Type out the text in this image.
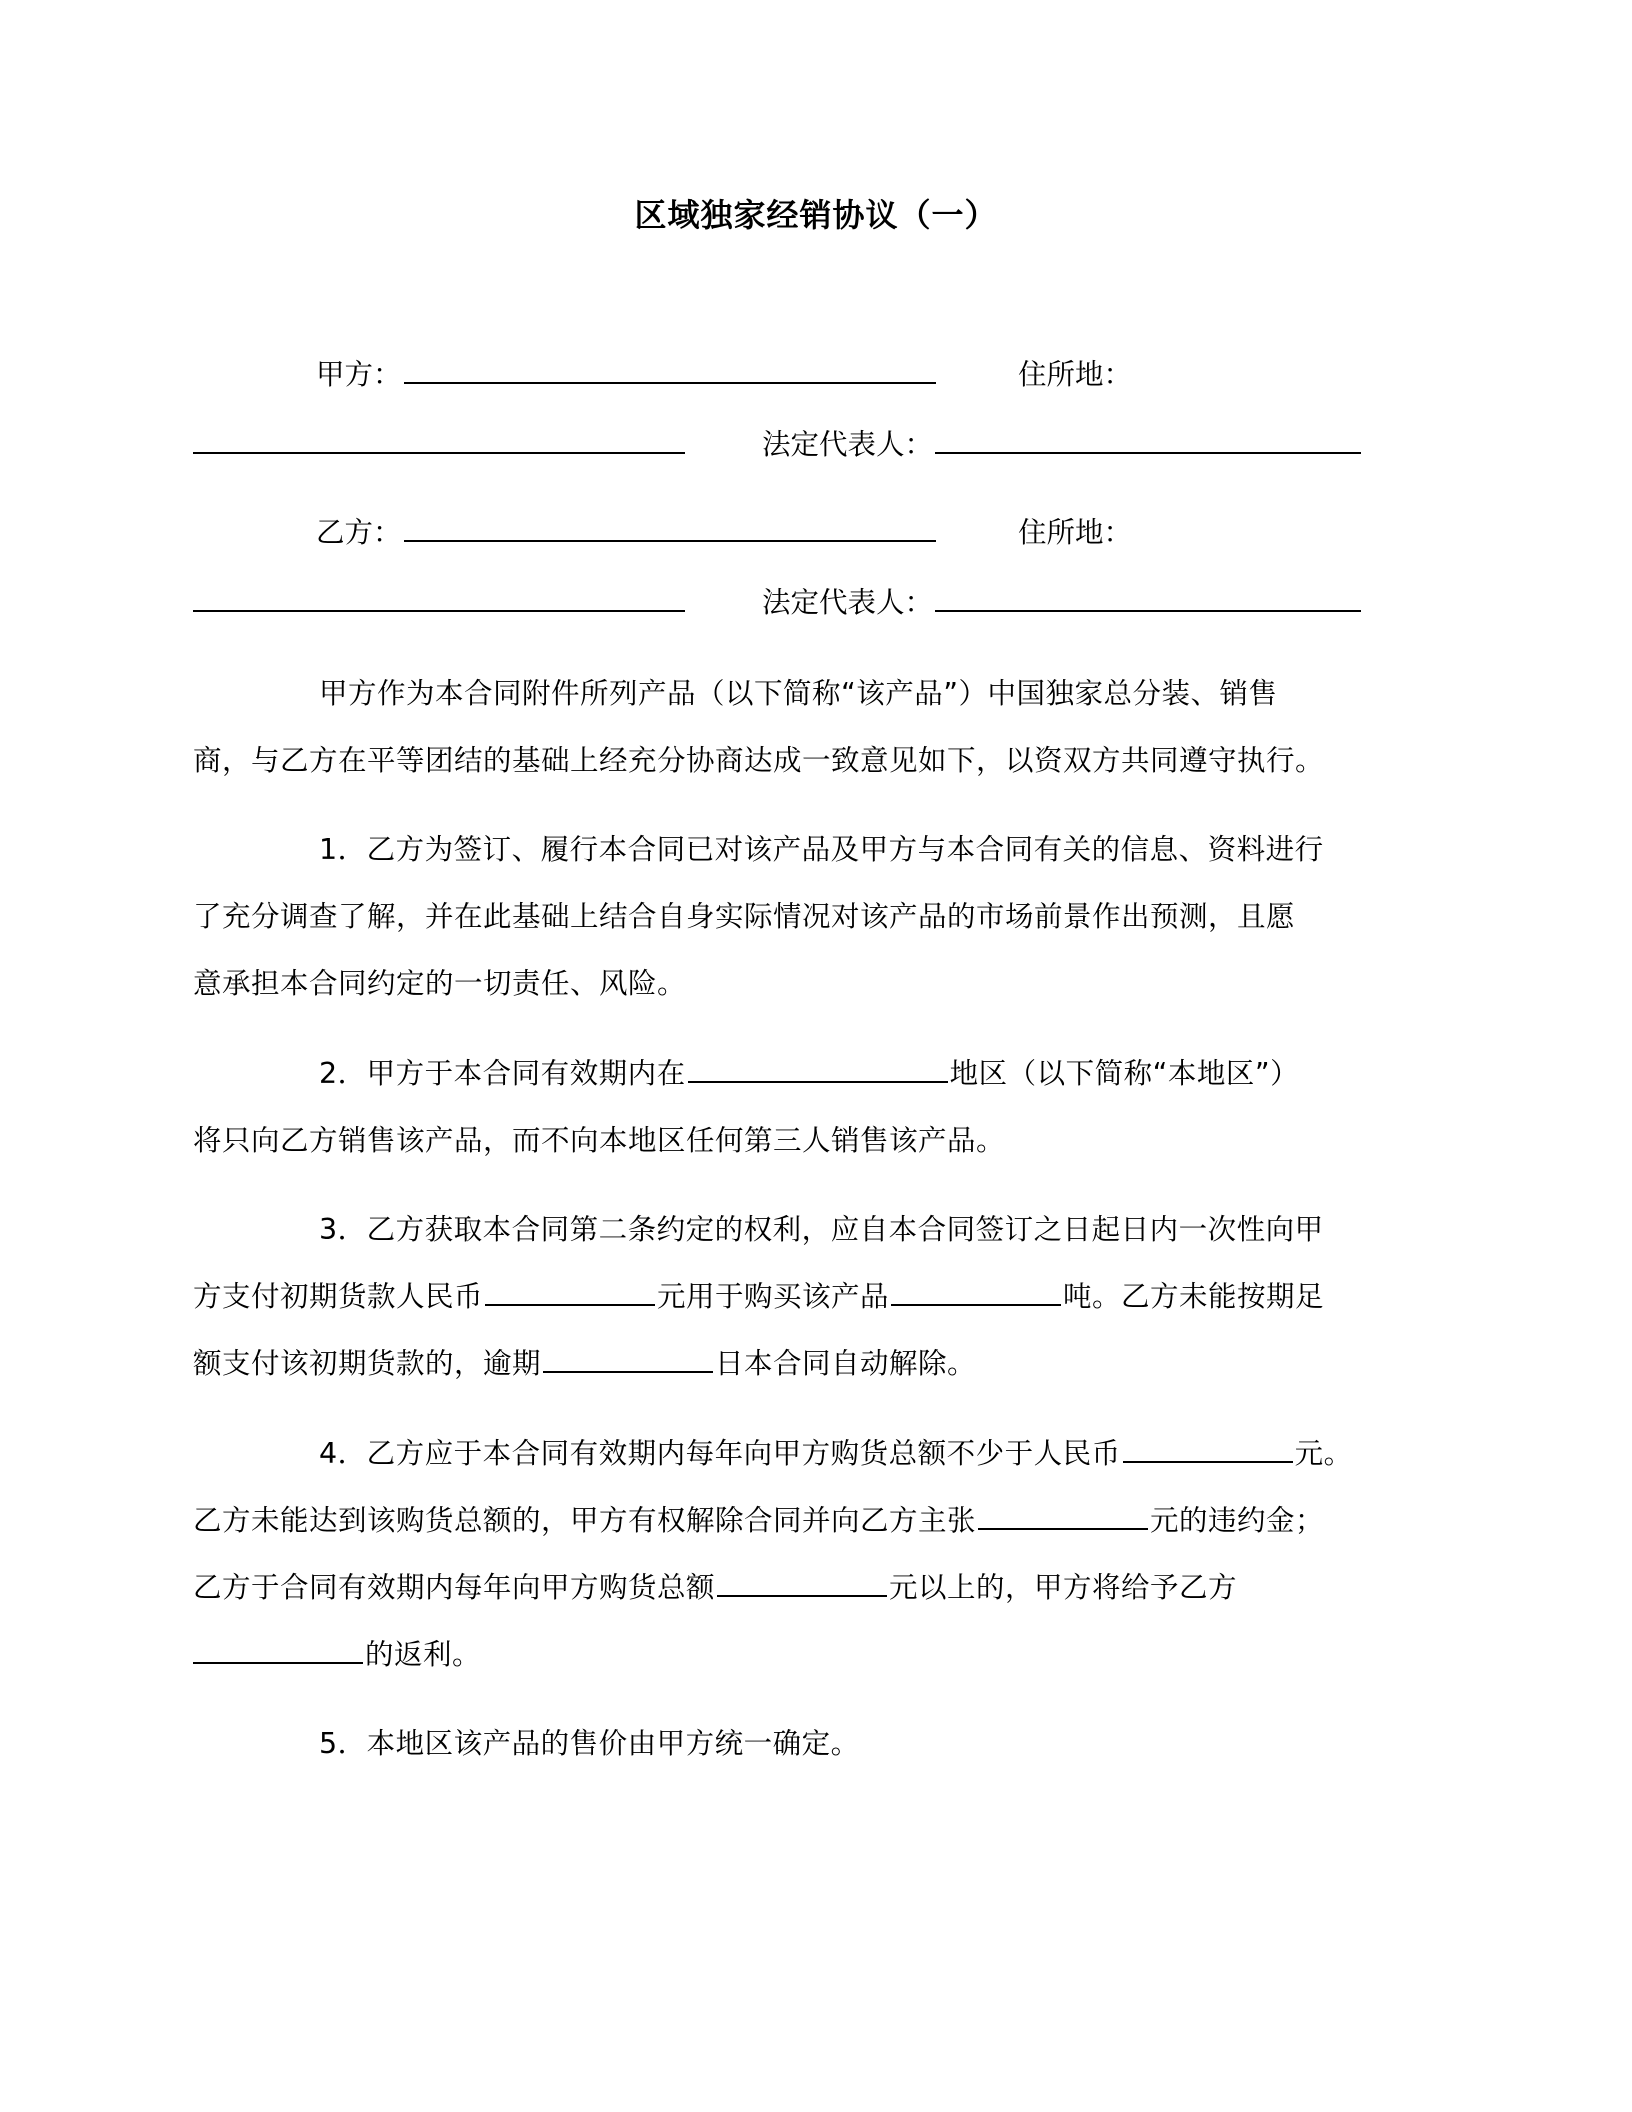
区域独家经销协议（一）
甲方：	住所地：
法定代表人：
乙方：	住所地：
法定代表人：
甲方作为本合同附件所列产品（以下简称“该产品”）中国独家总分装、销售
商，与乙方在平等团结的基础上经充分协商达成一致意见如下，以资双方共同遵守执行。
1．乙方为签订、履行本合同已对该产品及甲方与本合同有关的信息、资料进行
了充分调查了解，并在此基础上结合自身实际情况对该产品的市场前景作出预测，且愿
意承担本合同约定的一切责任、风险。
2．甲方于本合同有效期内在	地区（以下简称“本地区”）
将只向乙方销售该产品，而不向本地区任何第三人销售该产品。
3．乙方获取本合同第二条约定的权利，应自本合同签订之日起日内一次性向甲
方支付初期货款人民币	元用于购买该产品	吨。乙方未能按期足
额支付该初期货款的，逾期	日本合同自动解除。
4．乙方应于本合同有效期内每年向甲方购货总额不少于人民币	元。
乙方未能达到该购货总额的，甲方有权解除合同并向乙方主张	元的违约金；
乙方于合同有效期内每年向甲方购货总额	元以上的，甲方将给予乙方
的返利。
5．本地区该产品的售价由甲方统一确定。
